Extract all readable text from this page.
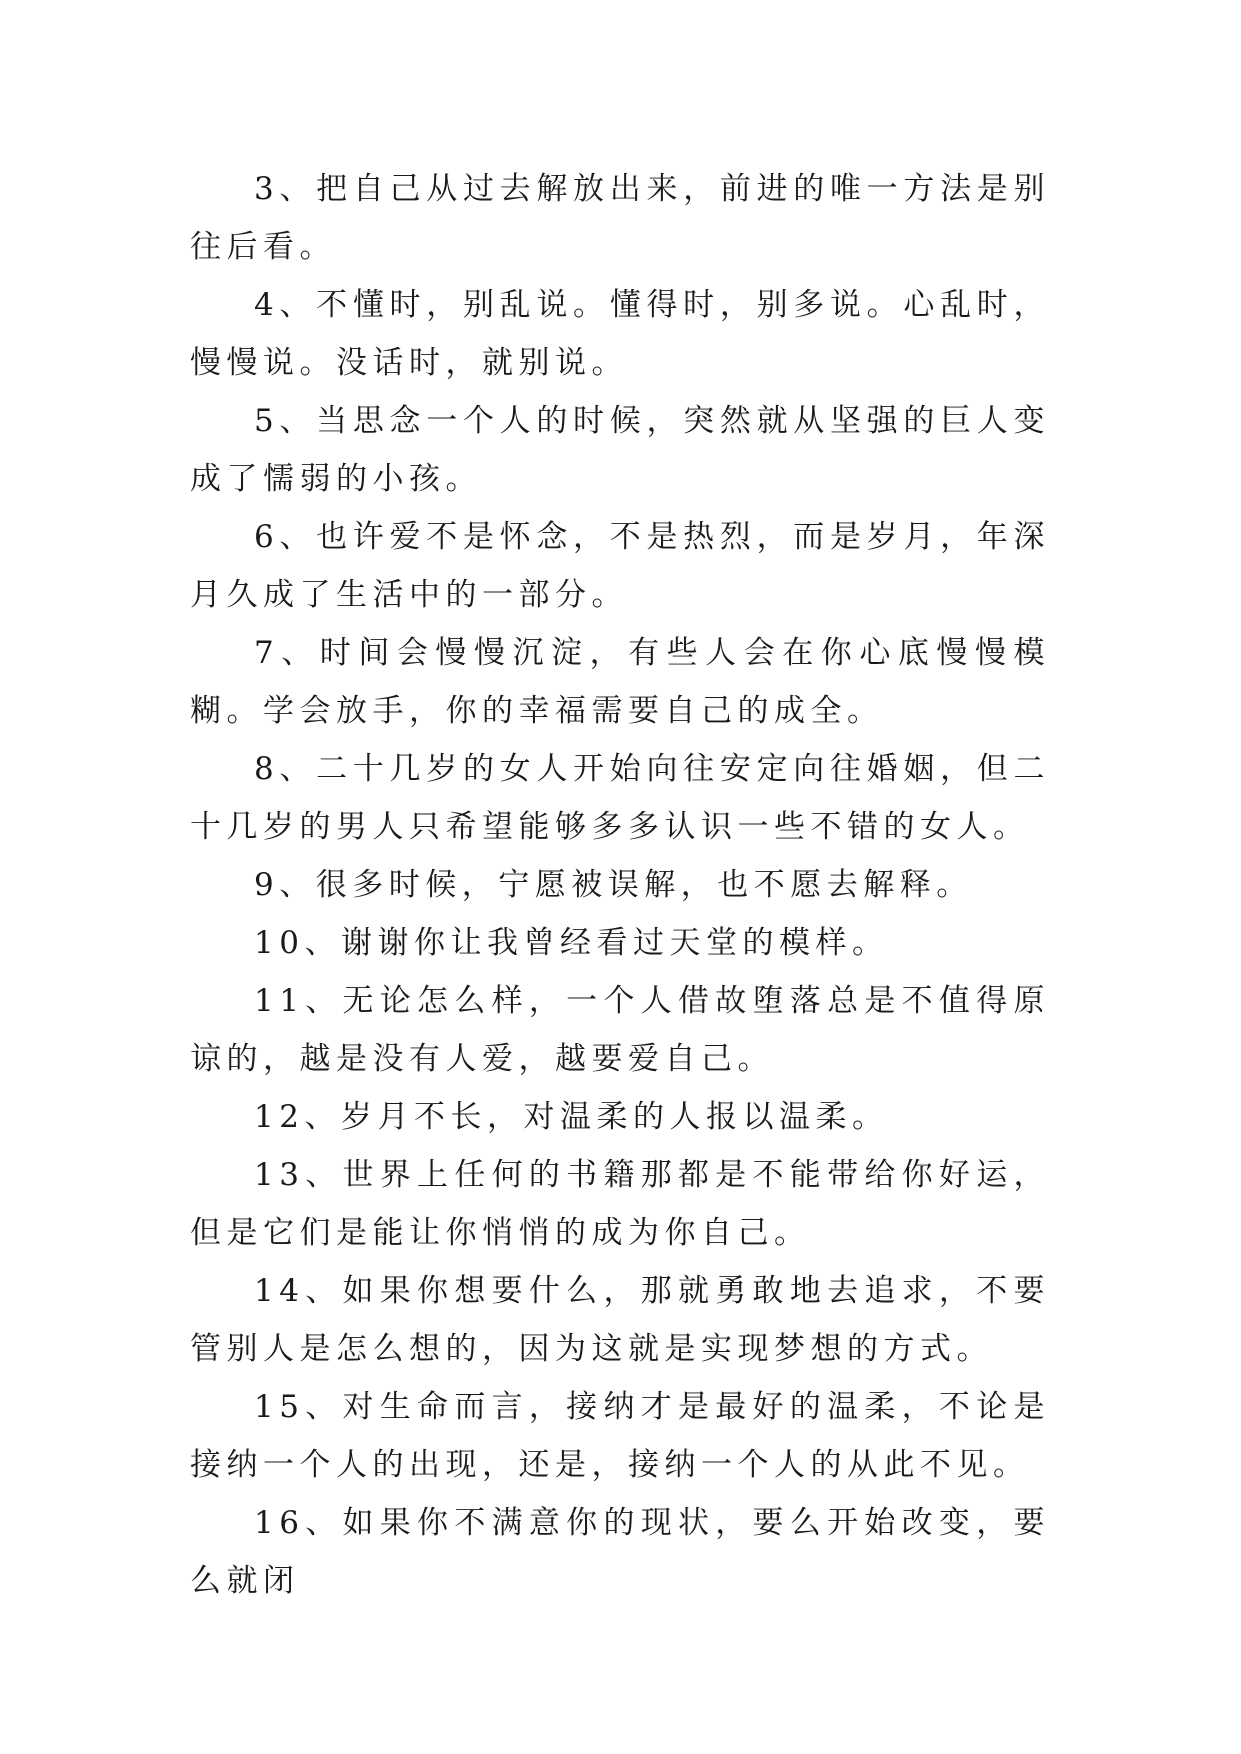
3、把自己从过去解放出来，前进的唯一方法是别往后看。

4、不懂时，别乱说。懂得时，别多说。心乱时，慢慢说。没话时，就别说。

5、当思念一个人的时候，突然就从坚强的巨人变成了懦弱的小孩。

6、也许爱不是怀念，不是热烈，而是岁月，年深月久成了生活中的一部分。

7、时间会慢慢沉淀，有些人会在你心底慢慢模糊。学会放手，你的幸福需要自己的成全。

8、二十几岁的女人开始向往安定向往婚姻，但二十几岁的男人只希望能够多多认识一些不错的女人。

9、很多时候，宁愿被误解，也不愿去解释。

10、谢谢你让我曾经看过天堂的模样。

11、无论怎么样，一个人借故堕落总是不值得原谅的，越是没有人爱，越要爱自己。

12、岁月不长，对温柔的人报以温柔。

13、世界上任何的书籍那都是不能带给你好运，但是它们是能让你悄悄的成为你自己。

14、如果你想要什么，那就勇敢地去追求，不要管别人是怎么想的，因为这就是实现梦想的方式。

15、对生命而言，接纳才是最好的温柔，不论是接纳一个人的出现，还是，接纳一个人的从此不见。

16、如果你不满意你的现状，要么开始改变，要么就闭
